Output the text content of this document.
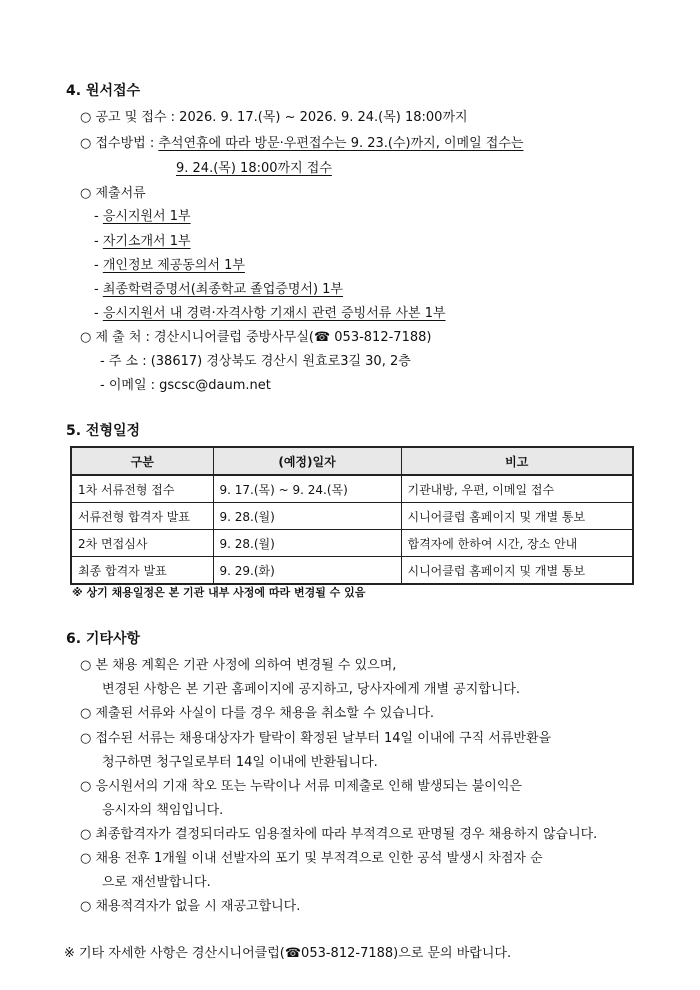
4. 원서접수
○ 공고 및 접수 : 2026. 9. 17.(목) ~ 2026. 9. 24.(목) 18:00까지
○ 접수방법 : 추석연휴에 따라 방문·우편접수는 9. 23.(수)까지, 이메일 접수는
9. 24.(목) 18:00까지 접수
○ 제출서류
- 응시지원서 1부
- 자기소개서 1부
- 개인정보 제공동의서 1부
- 최종학력증명서(최종학교 졸업증명서) 1부
- 응시지원서 내 경력·자격사항 기재시 관련 증빙서류 사본 1부
○ 제 출 처 : 경산시니어클럽 중방사무실(☎ 053-812-7188)
- 주 소 : (38617) 경상북도 경산시 원효로3길 30, 2층
- 이메일 : gscsc@daum.net
5. 전형일정
구분	(예정)일자	비고
1차 서류전형 접수	9. 17.(목) ~ 9. 24.(목)	기관내방, 우편, 이메일 접수
서류전형 합격자 발표	9. 28.(월)	시니어클럽 홈페이지 및 개별 통보
2차 면접심사	9. 28.(월)	합격자에 한하여 시간, 장소 안내
최종 합격자 발표	9. 29.(화)	시니어클럽 홈페이지 및 개별 통보
※ 상기 채용일정은 본 기관 내부 사정에 따라 변경될 수 있음
6. 기타사항
○ 본 채용 계획은 기관 사정에 의하여 변경될 수 있으며,
변경된 사항은 본 기관 홈페이지에 공지하고, 당사자에게 개별 공지합니다.
○ 제출된 서류와 사실이 다를 경우 채용을 취소할 수 있습니다.
○ 접수된 서류는 채용대상자가 탈락이 확정된 날부터 14일 이내에 구직 서류반환을
청구하면 청구일로부터 14일 이내에 반환됩니다.
○ 응시원서의 기재 착오 또는 누락이나 서류 미제출로 인해 발생되는 불이익은
응시자의 책임입니다.
○ 최종합격자가 결정되더라도 임용절차에 따라 부적격으로 판명될 경우 채용하지 않습니다.
○ 채용 전후 1개월 이내 선발자의 포기 및 부적격으로 인한 공석 발생시 차점자 순
으로 재선발합니다.
○ 채용적격자가 없을 시 재공고합니다.
※ 기타 자세한 사항은 경산시니어클럽(☎053-812-7188)으로 문의 바랍니다.
